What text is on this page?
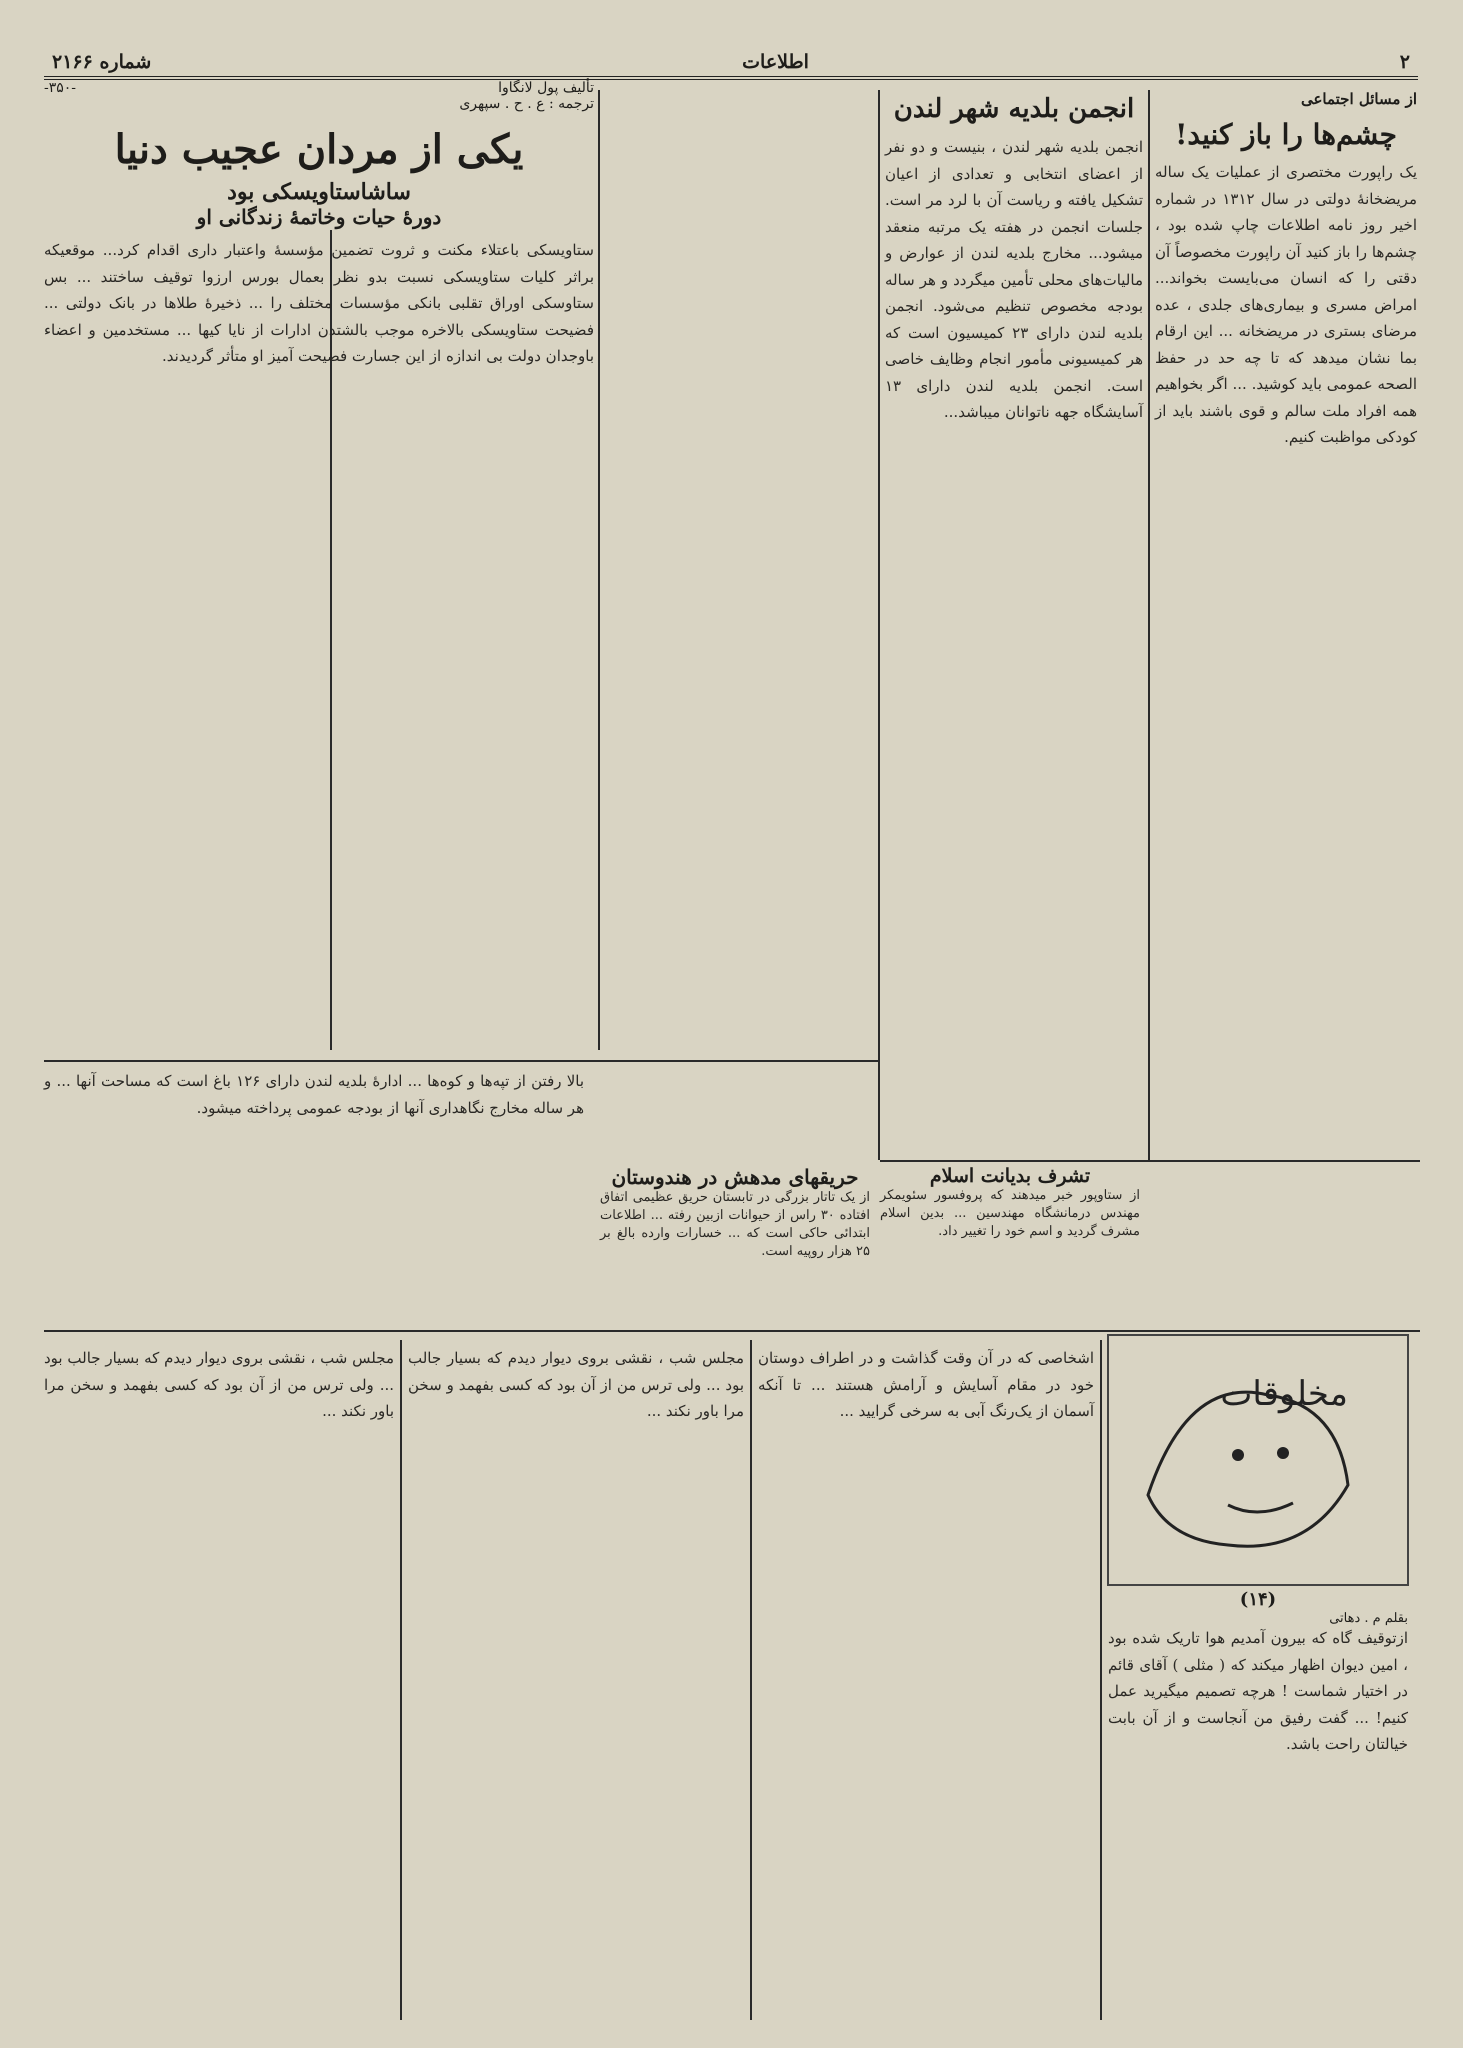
۲
اطلاعات
شماره ۲۱۶۶
از مسائل اجتماعی
چشم‌ها را باز کنید!
یک راپورت مختصری از عملیات یک ساله مریضخانهٔ دولتی در سال ۱۳۱۲ در شماره اخیر روز نامه اطلاعات چاپ شده بود ، چشم‌ها را باز کنید آن راپورت مخصوصاً آن دقتی را که انسان می‌بایست بخواند... امراض مسری و بیماری‌های جلدی ، عده مرضای بستری در مریضخانه ... این ارقام بما نشان میدهد که تا چه حد در حفظ الصحه عمومی باید کوشید. ... اگر بخواهیم همه افراد ملت سالم و قوی باشند باید از کودکی مواظبت کنیم.
انجمن بلدیه شهر لندن
انجمن بلدیه شهر لندن ، بنیست و دو نفر از اعضای انتخابی و تعدادی از اعیان تشکیل یافته و ریاست آن با لرد مر است. جلسات انجمن در هفته یک مرتبه منعقد میشود... مخارج بلدیه لندن از عوارض و مالیات‌های محلی تأمین میگردد و هر ساله بودجه مخصوص تنظیم می‌شود. انجمن بلدیه لندن دارای ۲۳ کمیسیون است که هر کمیسیونی مأمور انجام وظایف خاصی است. انجمن بلدیه لندن دارای ۱۳ آسایشگاه جهه ناتوانان میباشد...
تألیف پول لانگاوا
ترجمه : ع . ح . سپهری
-۳۵۰-
یکی از مردان عجیب دنیا
ساشاستاویسکی بود
دورهٔ حیات وخاتمهٔ زندگانی او
ستاویسکی باعتلاء مکنت و ثروت تضمین مؤسسهٔ واعتبار داری اقدام کرد... موقعیکه براثر کلیات ستاویسکی نسبت بدو نظر بعمال بورس ارزوا توقیف ساختند ... بس ستاوسکی اوراق تقلبی بانکی مؤسسات مختلف را ... ذخیرهٔ طلاها در بانک دولتی ... فضیحت ستاویسکی بالاخره موجب بالشتدن ادارات از نایا کیها ... مستخدمین و اعضاء باوجدان دولت بی اندازه از این جسارت فضیحت آمیز او متأثر گردیدند.
بالا رفتن از تپه‌ها و کوه‌ها ... ادارهٔ بلدیه لندن دارای ۱۲۶ باغ است که مساحت آنها ... و هر ساله مخارج نگاهداری آنها از بودجه عمومی پرداخته میشود.
حریقهای مدهش در هندوستان
از یک تاتار بزرگی در تابستان حریق عظیمی اتفاق افتاده ۳۰ راس از حیوانات ازبین رفته ... اطلاعات ابتدائی حاکی است که ... خسارات وارده بالغ بر ۲۵ هزار روپیه است.
تشرف بدیانت اسلام
از ستاوپور خبر میدهند که پروفسور سئویمکر مهندس درمانشگاه مهندسین ... بدین اسلام مشرف گردید و اسم خود را تغییر داد.
مخلوقات
(۱۴)
بقلم م . دهاتی
ازتوقیف گاه که بیرون آمدیم هوا تاریک شده بود ، امین دیوان اظهار میکند که ( مثلی ) آقای قائم در اختیار شماست ! هرچه تصمیم میگیرید عمل کنیم! ... گفت رفیق من آنجاست و از آن بابت خیالتان راحت باشد.
اشخاصی که در آن وقت گذاشت و در اطراف دوستان خود در مقام آسایش و آرامش هستند ... تا آنکه آسمان از یک‌رنگ آبی به سرخی گرایید ...
مجلس شب ، نقشی بروی دیوار دیدم که بسیار جالب بود ... ولی ترس من از آن بود که کسی بفهمد و سخن مرا باور نکند ...
مجلس شب ، نقشی بروی دیوار دیدم که بسیار جالب بود ... ولی ترس من از آن بود که کسی بفهمد و سخن مرا باور نکند ...
